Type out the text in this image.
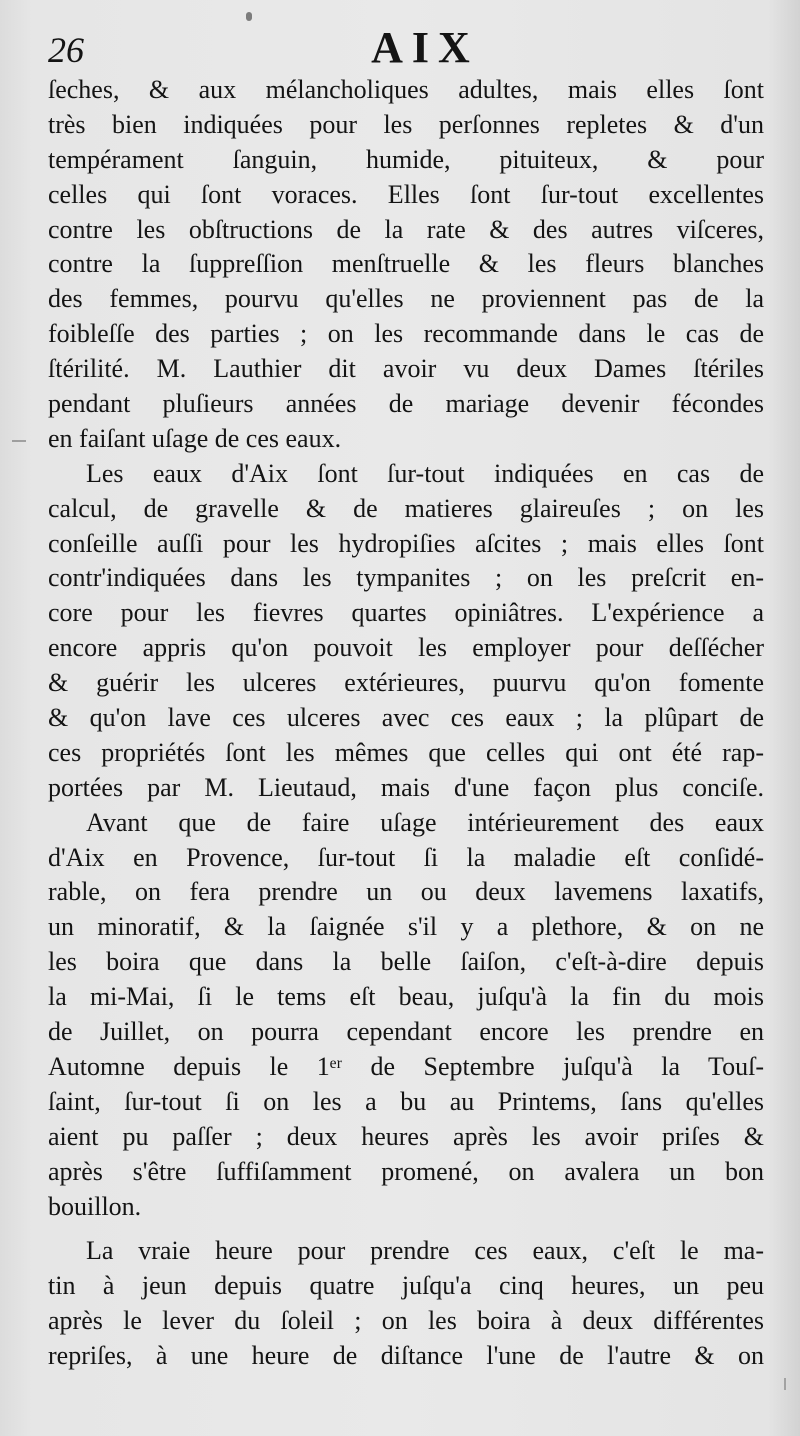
26	AIX
ſeches, & aux mélancholiques adultes, mais elles ſont
très bien indiquées pour les perſonnes repletes & d'un
tempérament ſanguin, humide, pituiteux, & pour
celles qui ſont voraces. Elles ſont ſur-tout excellentes
contre les obſtructions de la rate & des autres viſceres,
contre la ſuppreſſion menſtruelle & les fleurs blanches
des femmes, pourvu qu'elles ne proviennent pas de la
foibleſſe des parties ; on les recommande dans le cas de
ſtérilité. M. Lauthier dit avoir vu deux Dames ſtériles
pendant pluſieurs années de mariage devenir fécondes
en faiſant uſage de ces eaux.
Les eaux d'Aix ſont ſur-tout indiquées en cas de
calcul, de gravelle & de matieres glaireuſes ; on les
conſeille auſſi pour les hydropiſies aſcites ; mais elles ſont
contr'indiquées dans les tympanites ; on les preſcrit en-
core pour les fievres quartes opiniâtres. L'expérience a
encore appris qu'on pouvoit les employer pour deſſécher
& guérir les ulceres extérieures, puurvu qu'on fomente
& qu'on lave ces ulceres avec ces eaux ; la plûpart de
ces propriétés ſont les mêmes que celles qui ont été rap-
portées par M. Lieutaud, mais d'une façon plus conciſe.
Avant que de faire uſage intérieurement des eaux
d'Aix en Provence, ſur-tout ſi la maladie eſt conſidé-
rable, on fera prendre un ou deux lavemens laxatifs,
un minoratif, & la ſaignée s'il y a plethore, & on ne
les boira que dans la belle ſaiſon, c'eſt-à-dire depuis
la mi-Mai, ſi le tems eſt beau, juſqu'à la fin du mois
de Juillet, on pourra cependant encore les prendre en
Automne depuis le 1ᵉʳ de Septembre juſqu'à la Touſ-
ſaint, ſur-tout ſi on les a bu au Printems, ſans qu'elles
aient pu paſſer ; deux heures après les avoir priſes &
après s'être ſuffiſamment promené, on avalera un bon
bouillon.
La vraie heure pour prendre ces eaux, c'eſt le ma-
tin à jeun depuis quatre juſqu'a cinq heures, un peu
après le lever du ſoleil ; on les boira à deux différentes
repriſes, à une heure de diſtance l'une de l'autre & on
